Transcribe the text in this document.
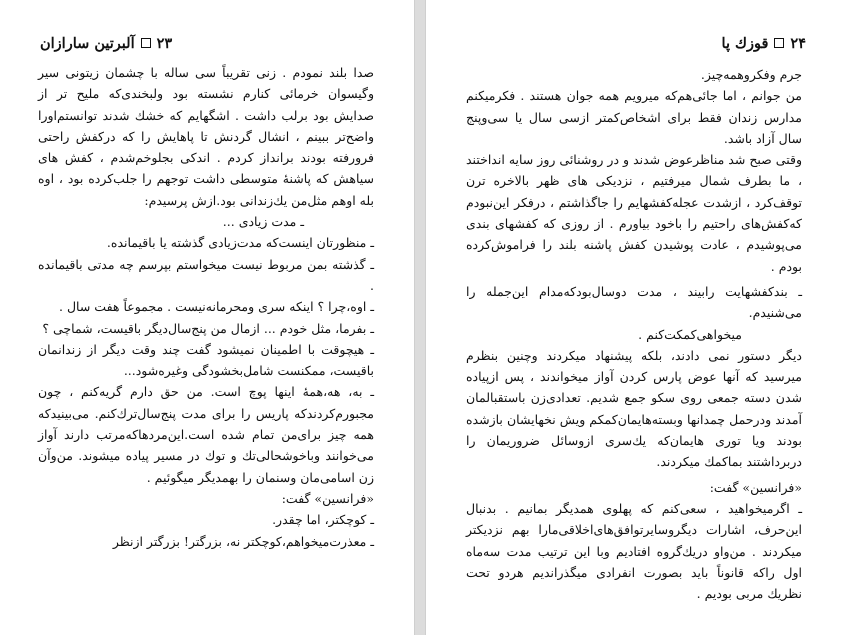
۲۳
آلبرتین سارازان

صدا بلند نمودم . زنی تقریباً سی ساله با چشمان زیتونی سیر وگیسوان خرمائی کنارم نشسته بود ولبخندی‌که ملیح تر از صدایش بود برلب داشت . اشگهایم که خشك شدند توانستم‌اورا واضح‌تر ببینم ، انشال گردنش تا پاهایش را که درکفش راحتی فرورفته بودند برانداز کردم . اندکی بجلوخم‌شدم ، کفش های سیاهش که پاشنهٔ متوسطی داشت توجهم را جلب‌کرده بود ، اوه بله اوهم مثل‌من یك‌زندانی بود.ازش پرسیدم:

ـ مدت زیادی ...

ـ منظورتان اینست‌که مدت‌زیادی گذشته یا باقیمانده.

ـ گذشته بمن مربوط نیست میخواستم بپرسم چه مدتی باقیمانده .

ـ اوه،چرا ؟ اینکه سری ومحرمانه‌نیست . مجموعاً هفت سال .

ـ بفرما، مثل خودم ... ازمال من پنج‌سال‌دیگر باقیست، شماچی ؟

ـ هیچوقت با اطمینان نمیشود گفت چند وقت دیگر از زندانمان باقیست، ممکنست شامل‌بخشودگی وغیره‌شود...

ـ به، هه،همهٔ اینها پوچ است. من حق دارم گریه‌کنم ، چون مجبورم‌کردندکه پاریس را برای مدت پنج‌سال‌ترك‌کنم. می‌بینیدکه همه چیز برای‌من تمام شده است.این‌مردهاکه‌مرتب دارند آواز می‌خوانند وباخوشحالی‌تك و توك در مسیر پیاده میشوند. من‌و‌آن زن اسامی‌مان وسنمان را بهمدیگر میگوئیم .

«فرانسین» گفت:

ـ کوچکتر، اما چقدر.

ـ معذرت‌میخواهم،کوچکتر نه، بزرگتر! بزرگتر ازنظر

۲۴
قوزك پا

جرم وفکروهمه‌چیز.

من جوانم ، اما جائی‌هم‌که میرویم همه جوان هستند . فکرمیکنم مدارس زندان فقط برای اشخاص‌کمتر ازسی سال یا سی‌وپنج سال آزاد باشد.

وقتی صبح شد مناظرعوض شدند و در روشنائی روز سایه انداختند ، ما بطرف شمال میرفتیم ، نزدیکی های ظهر بالاخره ترن توقف‌کرد ، ازشدت عجله‌کفشهایم را جاگذاشتم ، درفکر این‌نبودم که‌کفش‌های راحتیم را باخود بیاورم . از روزی که کفشهای بندی می‌پوشیدم ، عادت پوشیدن کفش پاشنه بلند را فراموش‌کرده بودم .

ـ بندکفشهایت رابیند ، مدت دوسال‌بودکه‌مدام این‌جمله را می‌شنیدم.

میخواهی‌کمکت‌کنم .

دیگر دستور نمی دادند، بلکه پیشنهاد میکردند وچنین بنظرم میرسید که آنها عوض پارس کردن آواز میخواندند ، پس ازپیاده شدن دسته جمعی روی سکو جمع شدیم. تعدادی‌زن باستقبالمان آمدند ودرحمل چمدانها وبسته‌هایمان‌کمکم ویش نخهایشان بازشده بودند ویا توری هایمان‌که یك‌سری ازوسائل ضروریمان را دربرداشتند بماکمك میکردند.

«فرانسین» گفت:

ـ اگرمیخواهید ، سعی‌کنم که پهلوی همدیگر بمانیم . بدنبال این‌حرف، اشارات دیگروسایرتوافق‌های‌اخلاقی‌مارا بهم نزدیکتر میکردند . من‌واو دریك‌گروه افتادیم وبا این ترتیب مدت سه‌ماه اول راکه قانوناً باید بصورت انفرادی میگذراندیم هردو تحت نظریك مربی بودیم .
